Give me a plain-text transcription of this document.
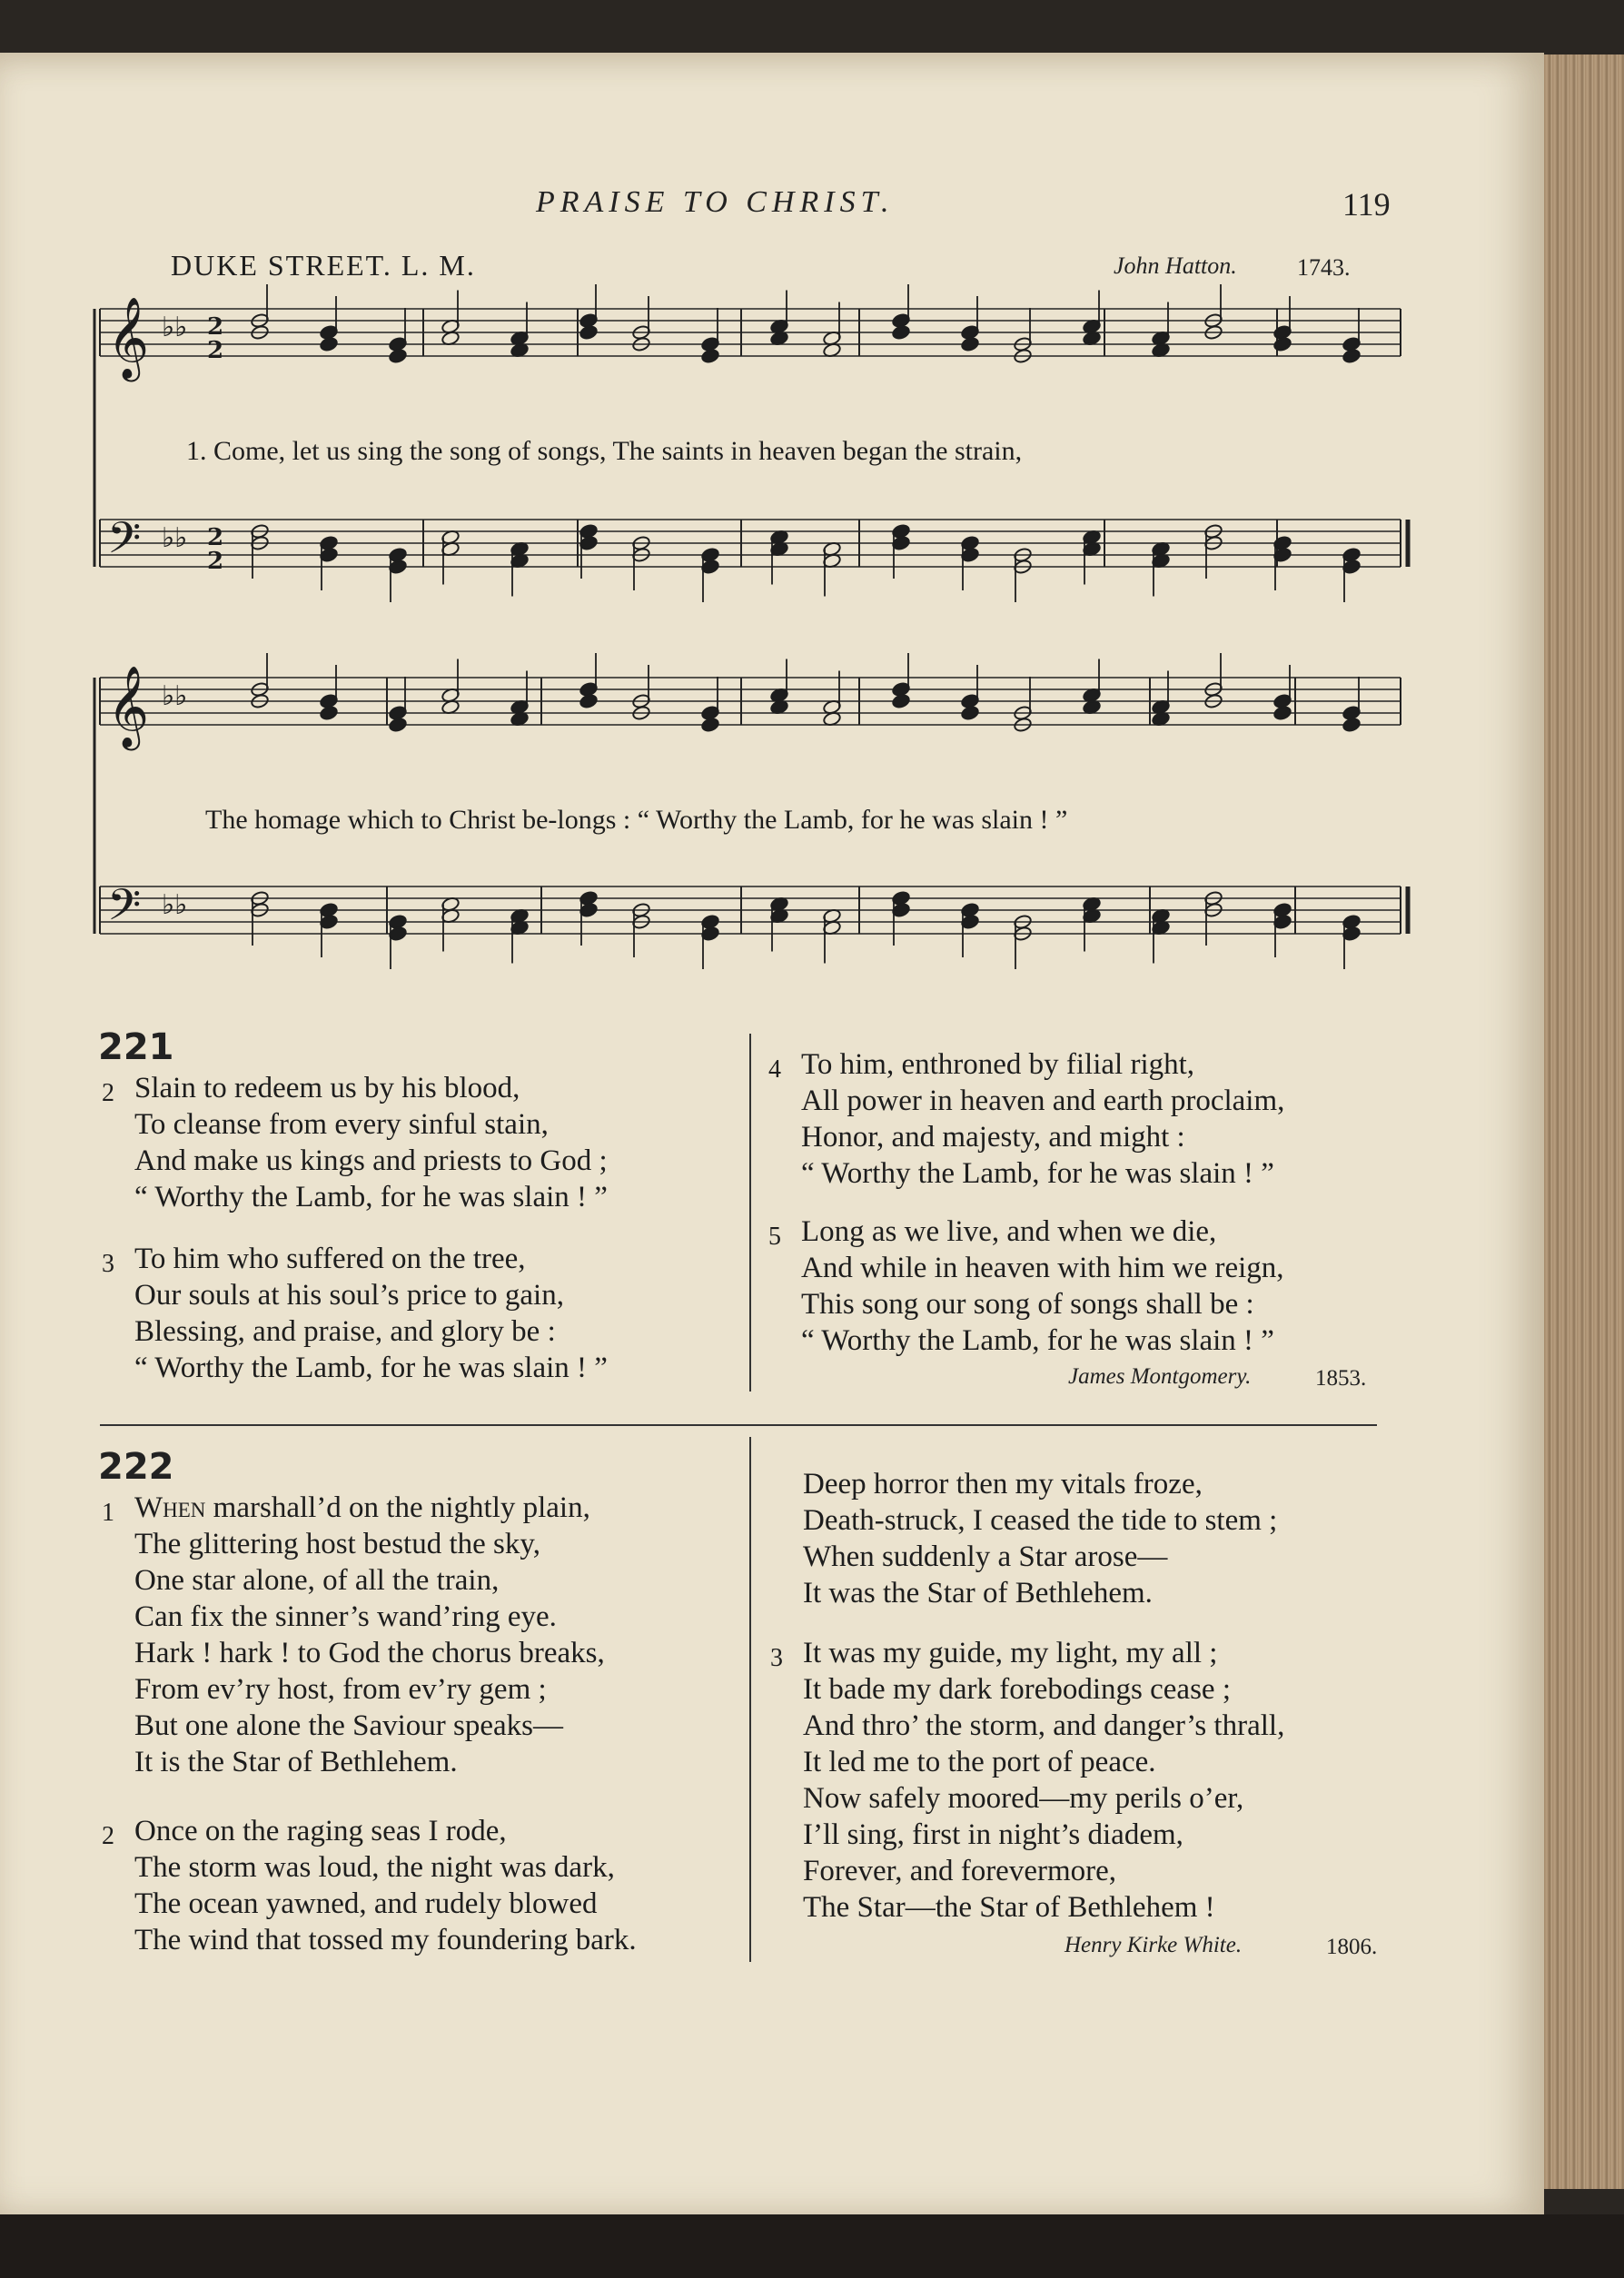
PRAISE TO CHRIST.	119
DUKE STREET. L. M.	John Hatton.	1743.
𝄞 ♭♭ 2
2
𝄢 ♭♭ 2
2
𝄞 ♭♭
𝄢 ♭♭
1. Come, let us sing the song of songs, The saints in heaven began the strain,
The homage which to Christ be-longs : “ Worthy the Lamb, for he was slain ! ”
221
2 Slain to redeem us by his blood,
To cleanse from every sinful stain,
And make us kings and priests to God ;
“ Worthy the Lamb, for he was slain ! ”
3 To him who suffered on the tree,
Our souls at his soul’s price to gain,
Blessing, and praise, and glory be :
“ Worthy the Lamb, for he was slain ! ”
4 To him, enthroned by filial right,
All power in heaven and earth proclaim,
Honor, and majesty, and might :
“ Worthy the Lamb, for he was slain ! ”
5 Long as we live, and when we die,
And while in heaven with him we reign,
This song our song of songs shall be :
“ Worthy the Lamb, for he was slain ! ”
James Montgomery.	1853.
222
1 When marshall’d on the nightly plain,
The glittering host bestud the sky,
One star alone, of all the train,
Can fix the sinner’s wand’ring eye.
Hark ! hark ! to God the chorus breaks,
From ev’ry host, from ev’ry gem ;
But one alone the Saviour speaks—
It is the Star of Bethlehem.
2 Once on the raging seas I rode,
The storm was loud, the night was dark,
The ocean yawned, and rudely blowed
The wind that tossed my foundering bark.
Deep horror then my vitals froze,
Death-struck, I ceased the tide to stem ;
When suddenly a Star arose—
It was the Star of Bethlehem.
3 It was my guide, my light, my all ;
It bade my dark forebodings cease ;
And thro’ the storm, and danger’s thrall,
It led me to the port of peace.
Now safely moored—my perils o’er,
I’ll sing, first in night’s diadem,
Forever, and forevermore,
The Star—the Star of Bethlehem !
Henry Kirke White.	1806.
